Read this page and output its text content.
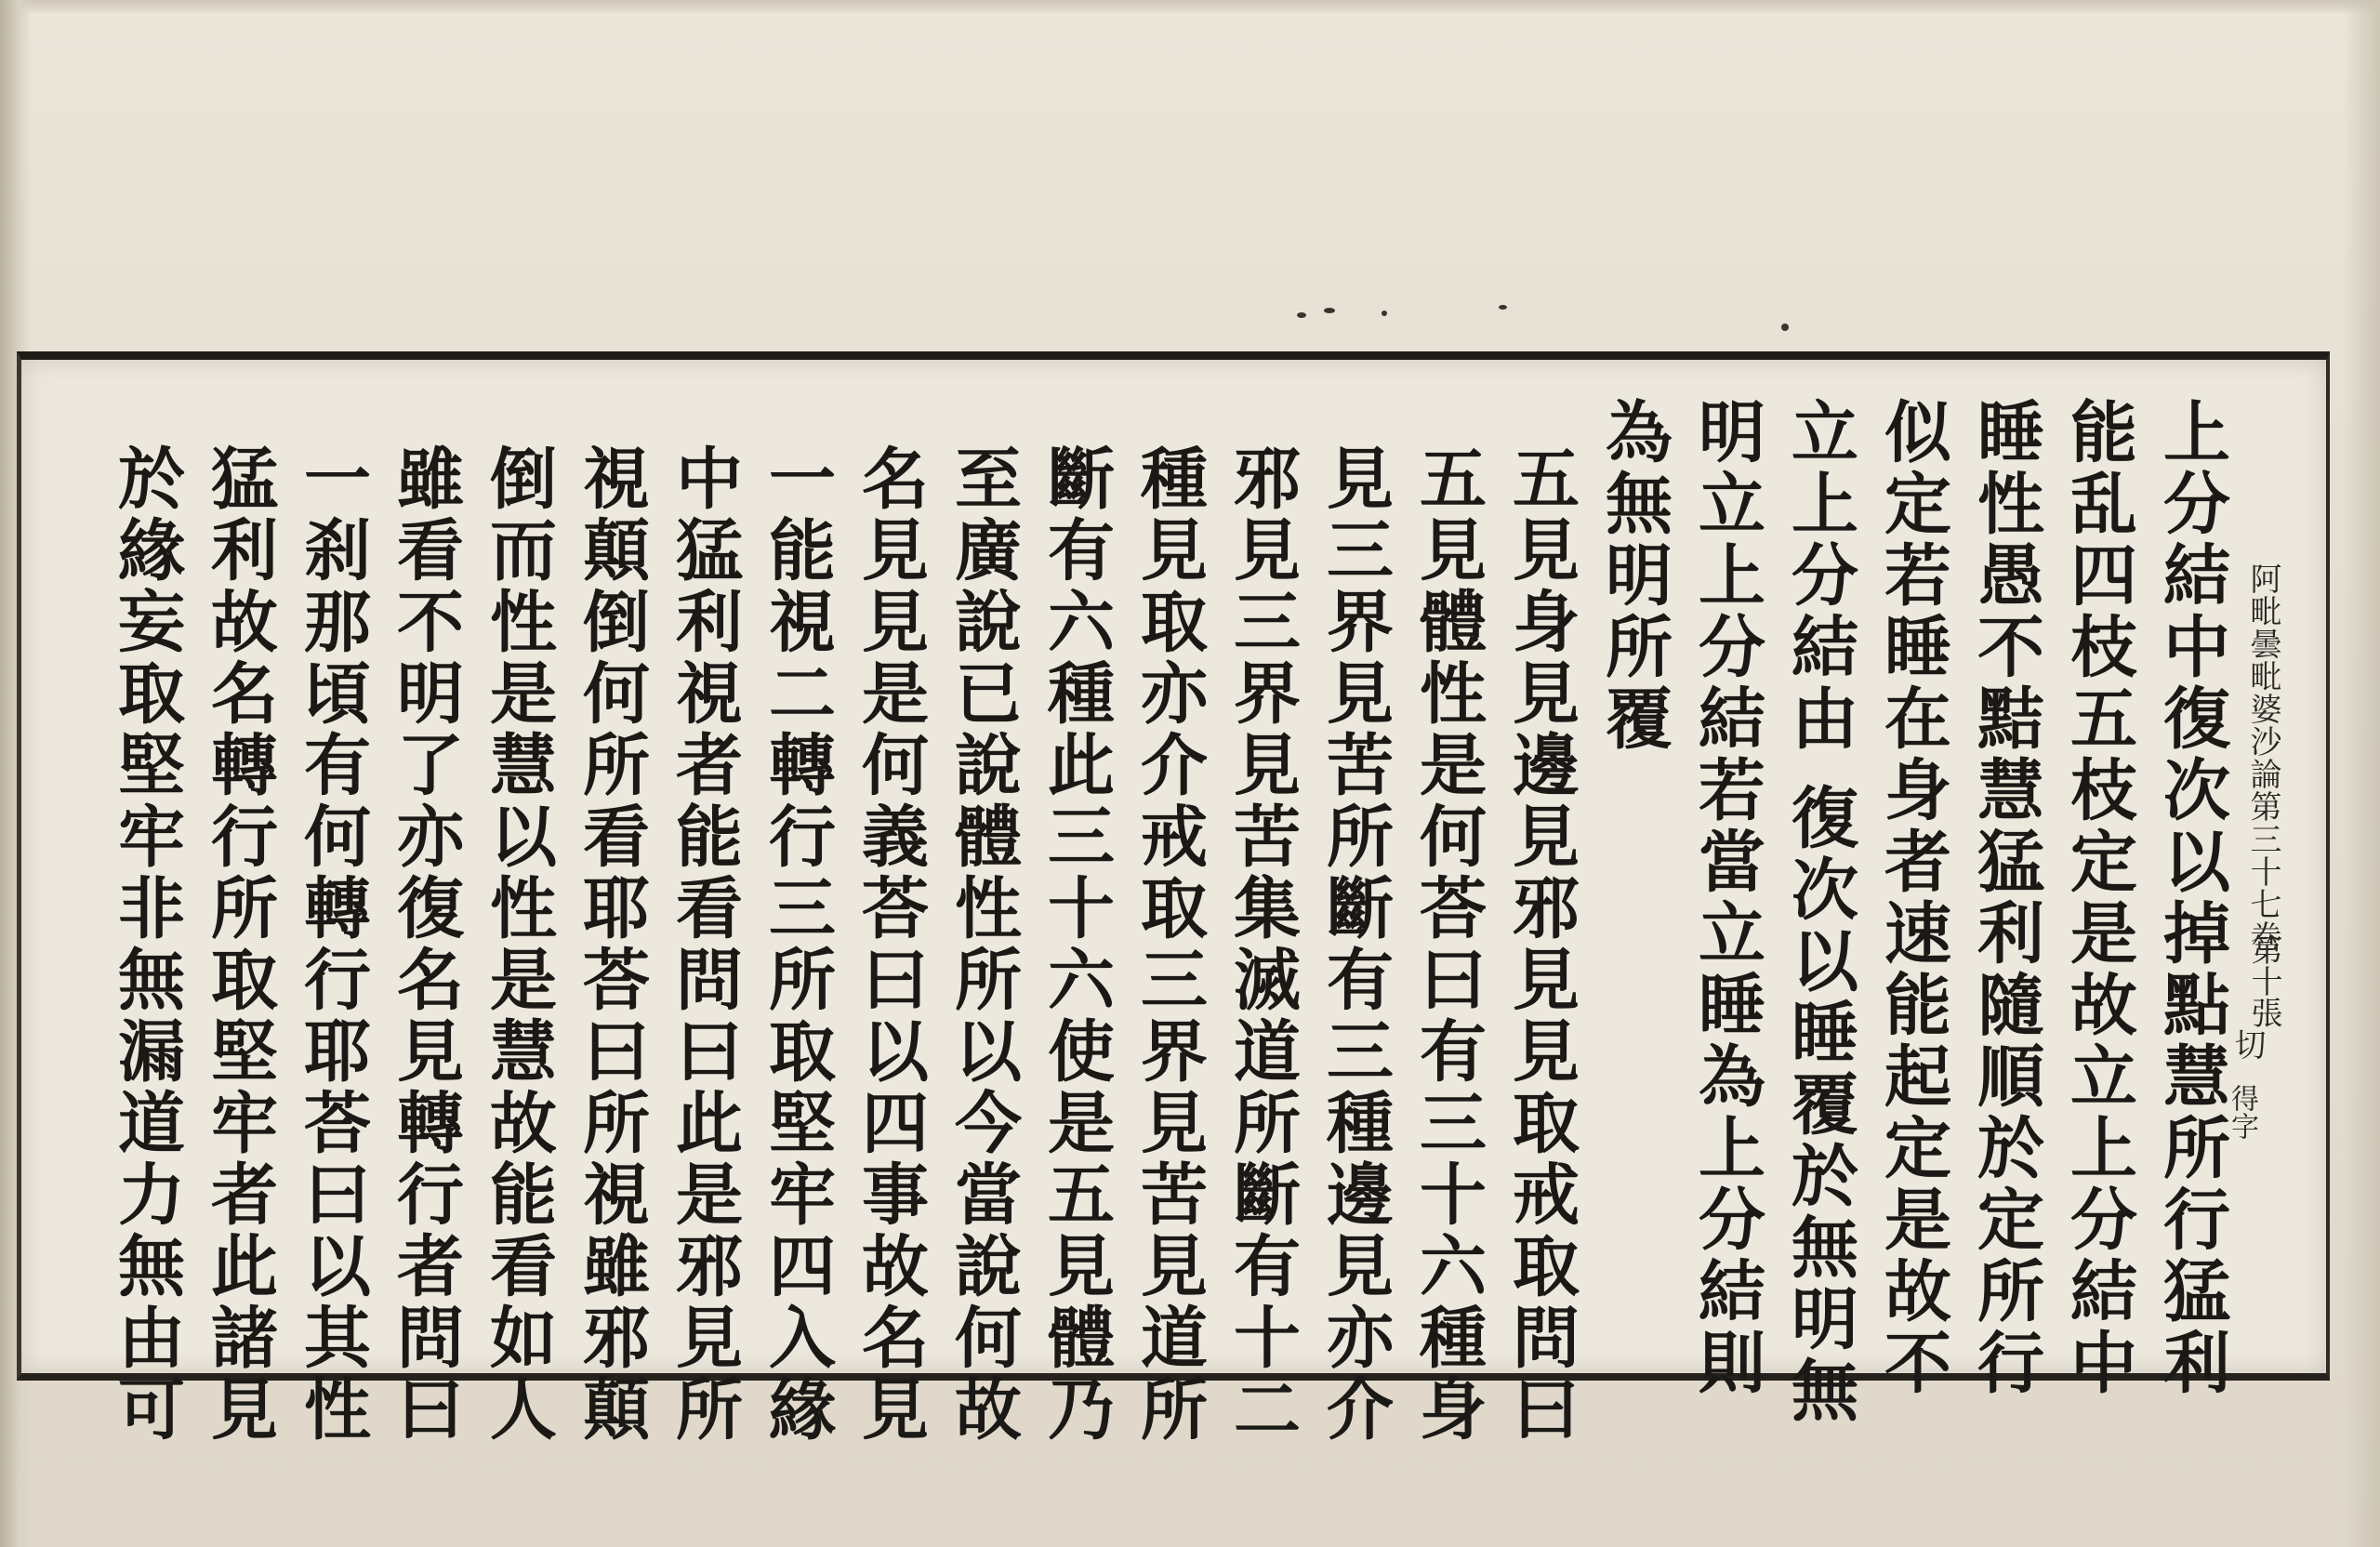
阿毗曇毗婆沙論第三十七巻
第十張
切
得字
上分結中復次以掉點慧所行猛利
能乱四枝五枝定是故立上分結中
睡性愚不黠慧猛利隨順於定所行
似定若睡在身者速能起定是故不
立上分結由 復次以睡覆於無明無
明立上分結若當立睡為上分結則
為無明所覆
五見身見邊見邪見見取戒取問曰
五見體性是何荅曰有三十六種身
見三界見苦所斷有三種邊見亦介
邪見三界見苦集滅道所斷有十二
種見取亦介戒取三界見苦見道所
斷有六種此三十六使是五見體乃
至廣說已說體性所以今當說何故
名見見是何義荅曰以四事故名見
一能視二轉行三所取堅牢四入緣
中猛利視者能看問曰此是邪見所
視顛倒何所看耶荅曰所視雖邪顛
倒而性是慧以性是慧故能看如人
雖看不明了亦復名見轉行者問曰
一刹那頃有何轉行耶荅曰以其性
猛利故名轉行所取堅牢者此諸見
於緣妄取堅牢非無漏道力無由可
